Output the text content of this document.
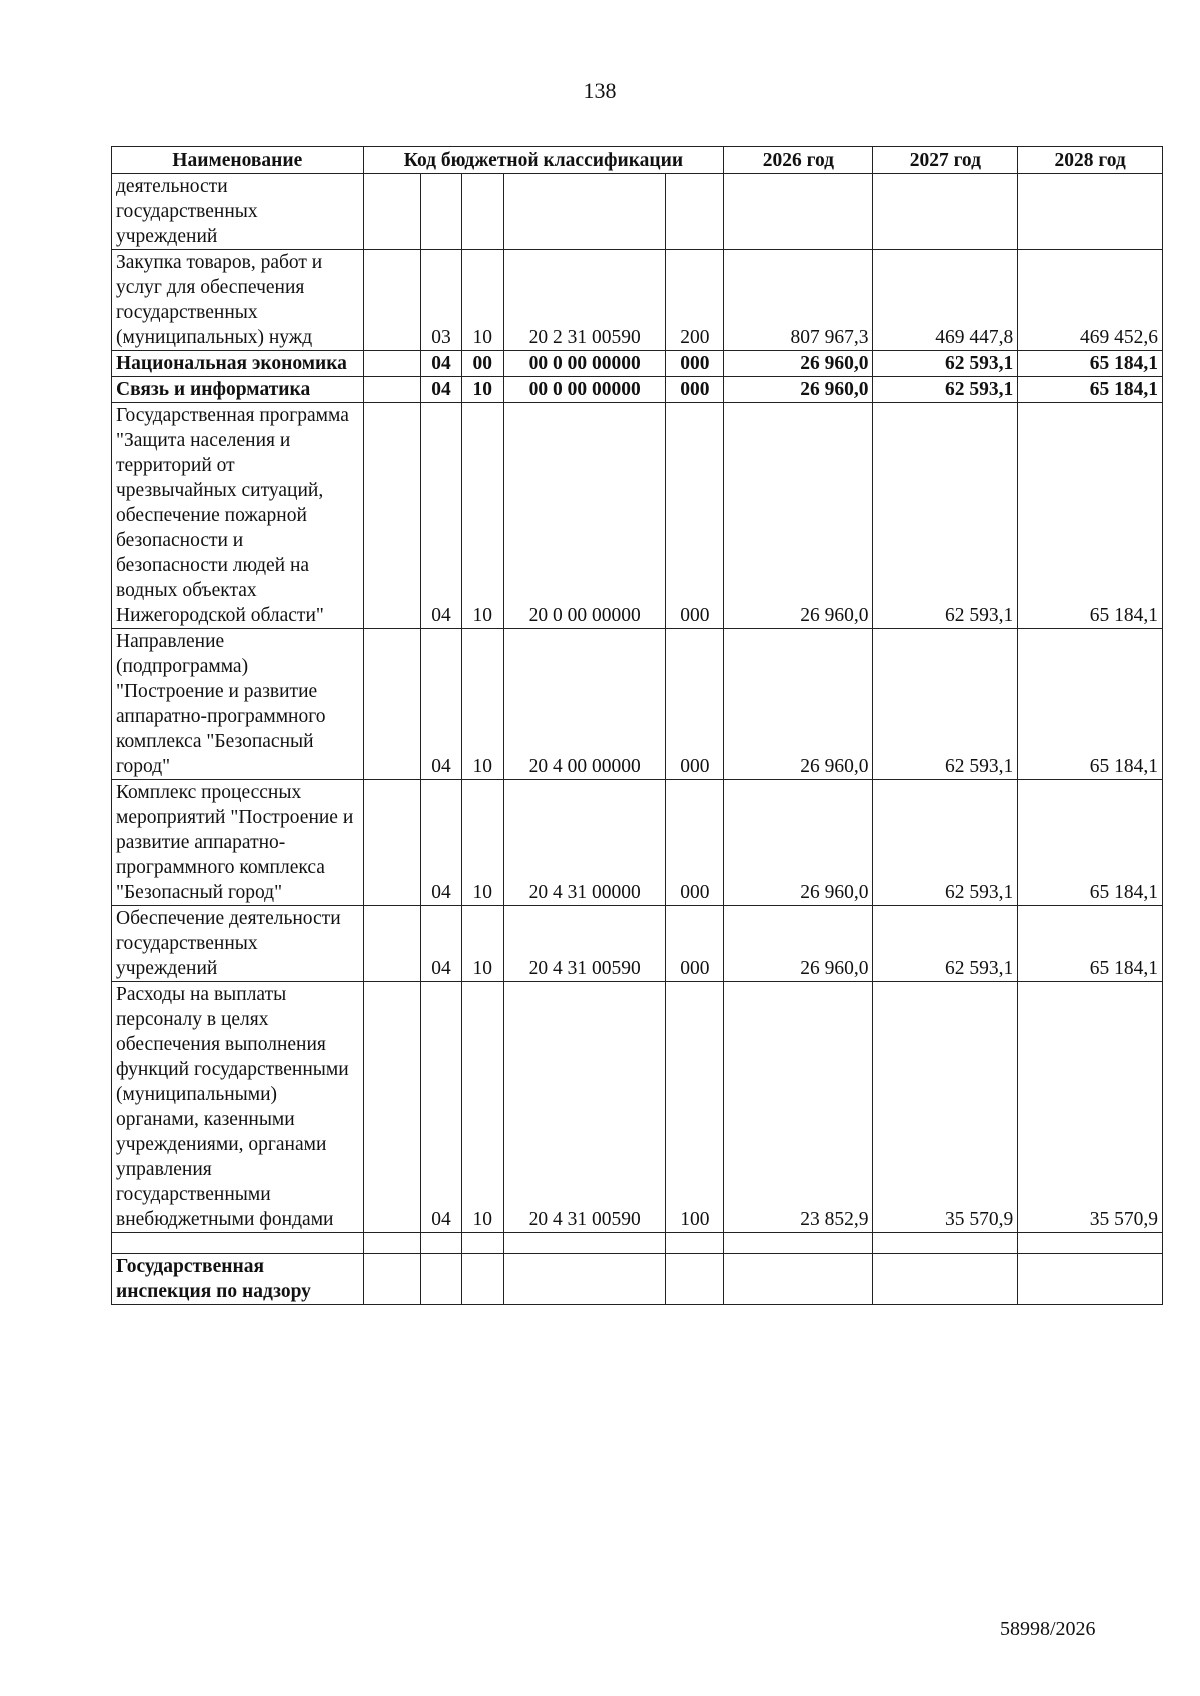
138
Наименование	Код бюджетной классификации					2026 год	2027 год	2028 год
деятельности государственных учреждений								
Закупка товаров, работ и услуг для обеспечения государственных (муниципальных) нужд		03	10	20 2 31 00590	200	807 967,3	469 447,8	469 452,6
Национальная экономика		04	00	00 0 00 00000	000	26 960,0	62 593,1	65 184,1
Связь и информатика		04	10	00 0 00 00000	000	26 960,0	62 593,1	65 184,1
Государственная программа "Защита населения и территорий от чрезвычайных ситуаций, обеспечение пожарной безопасности и безопасности людей на водных объектах Нижегородской области"		04	10	20 0 00 00000	000	26 960,0	62 593,1	65 184,1
Направление (подпрограмма) "Построение и развитие аппаратно-программного комплекса "Безопасный город"		04	10	20 4 00 00000	000	26 960,0	62 593,1	65 184,1
Комплекс процессных мероприятий "Построение и развитие аппаратно-программного комплекса "Безопасный город"		04	10	20 4 31 00000	000	26 960,0	62 593,1	65 184,1
Обеспечение деятельности государственных учреждений		04	10	20 4 31 00590	000	26 960,0	62 593,1	65 184,1
Расходы на выплаты персоналу в целях обеспечения выполнения функций государственными (муниципальными) органами, казенными учреждениями, органами управления государственными внебюджетными фондами		04	10	20 4 31 00590	100	23 852,9	35 570,9	35 570,9

Государственная инспекция по надзору								
58998/2026
